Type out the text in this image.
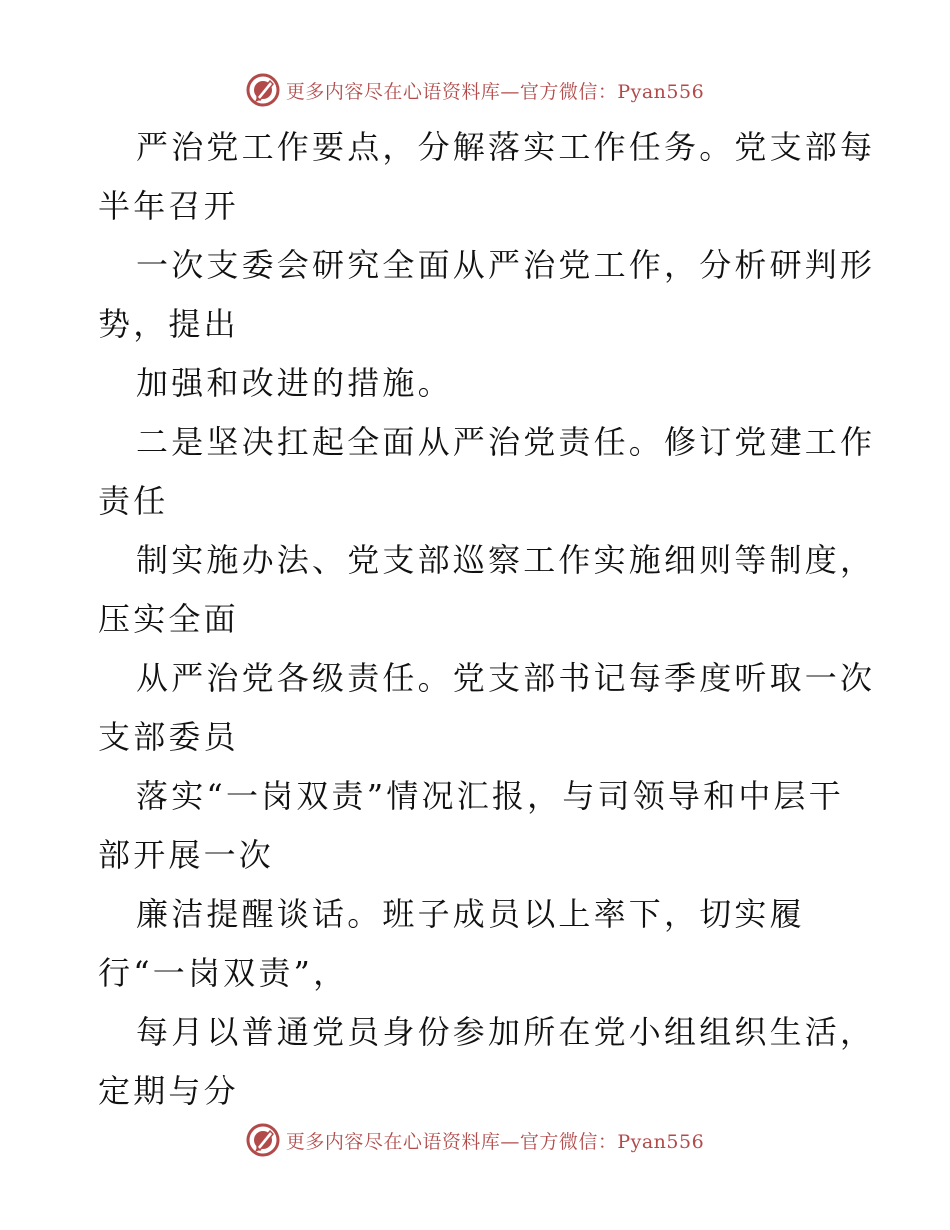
更多内容尽在心语资料库—官方微信：Pyan556
严治党工作要点，分解落实工作任务。党支部每
半年召开
一次支委会研究全面从严治党工作，分析研判形
势，提出
加强和改进的措施。
二是坚决扛起全面从严治党责任。修订党建工作
责任
制实施办法、党支部巡察工作实施细则等制度，
压实全面
从严治党各级责任。党支部书记每季度听取一次
支部委员
落实“一岗双责”情况汇报，与司领导和中层干
部开展一次
廉洁提醒谈话。班子成员以上率下，切实履
行“一岗双责”，
每月以普通党员身份参加所在党小组组织生活，
定期与分
更多内容尽在心语资料库—官方微信：Pyan556
